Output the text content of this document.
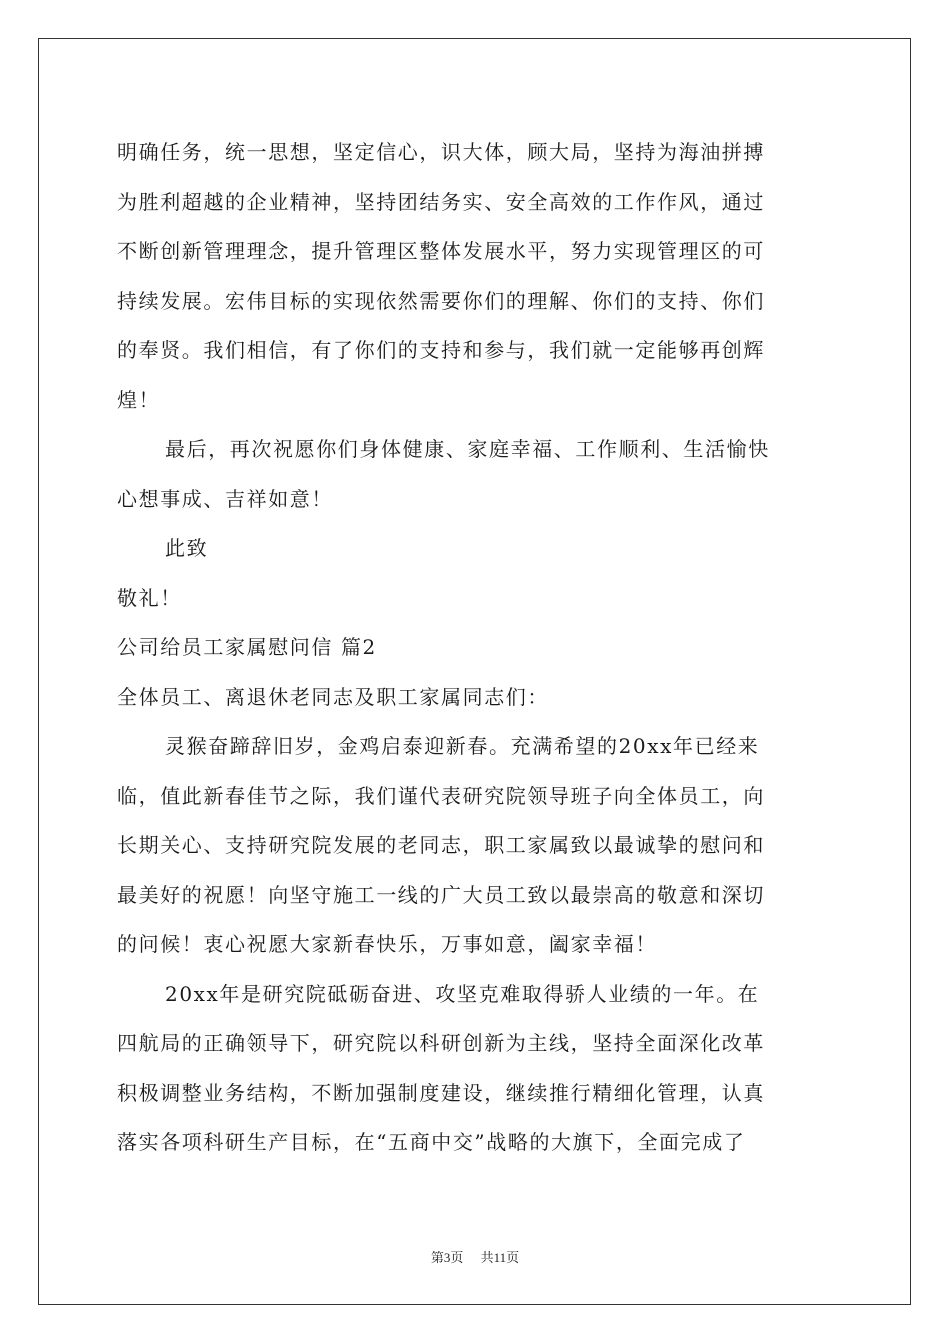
明确任务，统一思想，坚定信心，识大体，顾大局，坚持为海油拼搏
为胜利超越的企业精神，坚持团结务实、安全高效的工作作风，通过
不断创新管理理念，提升管理区整体发展水平，努力实现管理区的可
持续发展。宏伟目标的实现依然需要你们的理解、你们的支持、你们
的奉贤。我们相信，有了你们的支持和参与，我们就一定能够再创辉
煌！
最后，再次祝愿你们身体健康、家庭幸福、工作顺利、生活愉快
心想事成、吉祥如意！
此致
敬礼！
公司给员工家属慰问信 篇2
全体员工、离退休老同志及职工家属同志们：
灵猴奋蹄辞旧岁，金鸡启泰迎新春。充满希望的20xx年已经来
临，值此新春佳节之际，我们谨代表研究院领导班子向全体员工，向
长期关心、支持研究院发展的老同志，职工家属致以最诚挚的慰问和
最美好的祝愿！向坚守施工一线的广大员工致以最崇高的敬意和深切
的问候！衷心祝愿大家新春快乐，万事如意，阖家幸福！
20xx年是研究院砥砺奋进、攻坚克难取得骄人业绩的一年。在
四航局的正确领导下，研究院以科研创新为主线，坚持全面深化改革
积极调整业务结构，不断加强制度建设，继续推行精细化管理，认真
落实各项科研生产目标，在“五商中交”战略的大旗下，全面完成了
第3页 共11页
